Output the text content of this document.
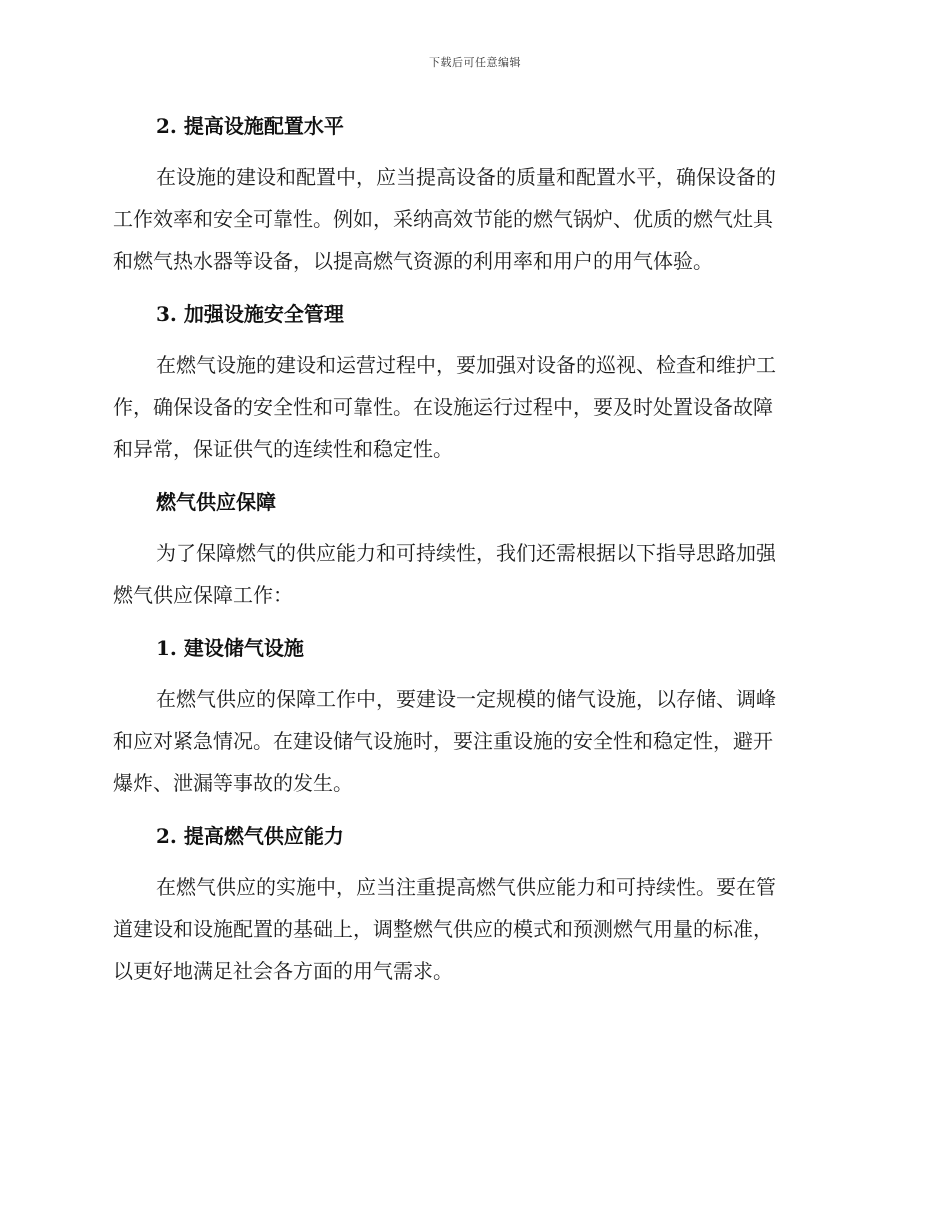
下载后可任意编辑

2. 提高设施配置水平

在设施的建设和配置中，应当提高设备的质量和配置水平，确保设备的

工作效率和安全可靠性。例如，采纳高效节能的燃气锅炉、优质的燃气灶具

和燃气热水器等设备，以提高燃气资源的利用率和用户的用气体验。

3. 加强设施安全管理

在燃气设施的建设和运营过程中，要加强对设备的巡视、检查和维护工

作，确保设备的安全性和可靠性。在设施运行过程中，要及时处置设备故障

和异常，保证供气的连续性和稳定性。

燃气供应保障

为了保障燃气的供应能力和可持续性，我们还需根据以下指导思路加强

燃气供应保障工作：

1. 建设储气设施

在燃气供应的保障工作中，要建设一定规模的储气设施，以存储、调峰

和应对紧急情况。在建设储气设施时，要注重设施的安全性和稳定性，避开

爆炸、泄漏等事故的发生。

2. 提高燃气供应能力

在燃气供应的实施中，应当注重提高燃气供应能力和可持续性。要在管

道建设和设施配置的基础上，调整燃气供应的模式和预测燃气用量的标准，

以更好地满足社会各方面的用气需求。
